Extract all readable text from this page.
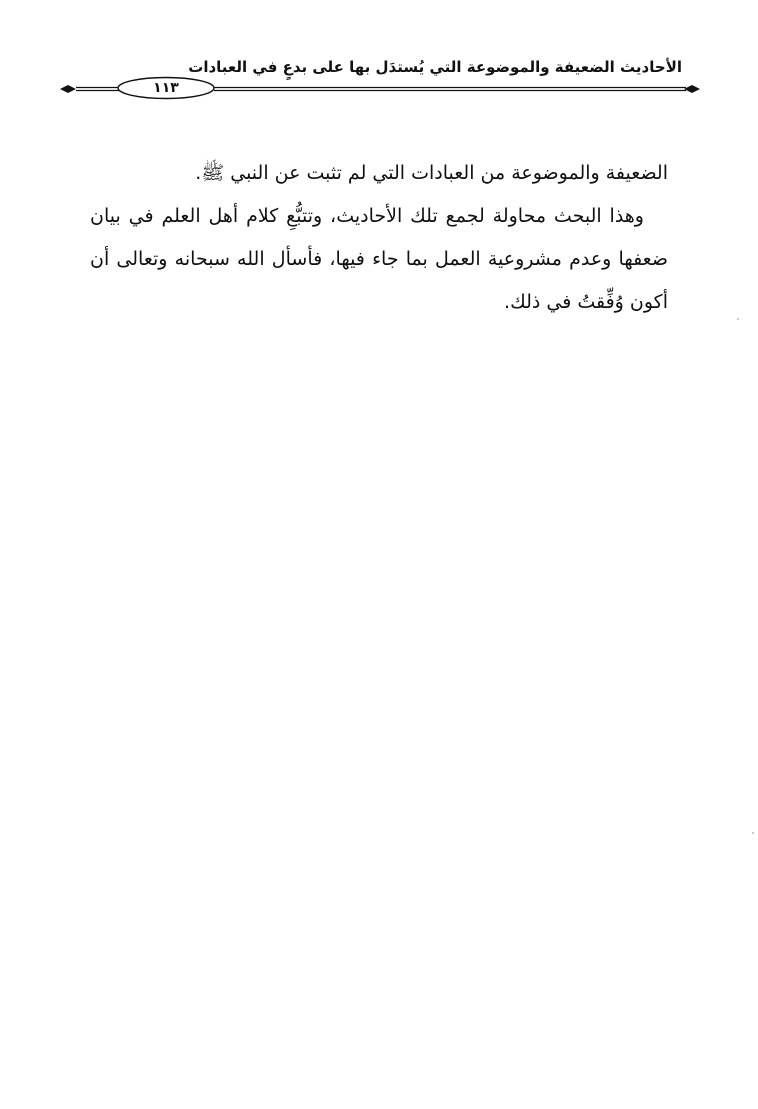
الأحاديث الضعيفة والموضوعة التي يُستدَل بها على بدعٍ في العبادات
١١٣

الضعيفة والموضوعة من العبادات التي لم تثبت عن النبي ﷺ.

وهذا البحث محاولة لجمع تلك الأحاديث، وتتبُّعِ كلام أهل العلم في بيان ضعفها وعدم مشروعية العمل بما جاء فيها، فأسأل الله سبحانه وتعالى أن أكون وُفِّقتُ في ذلك.
